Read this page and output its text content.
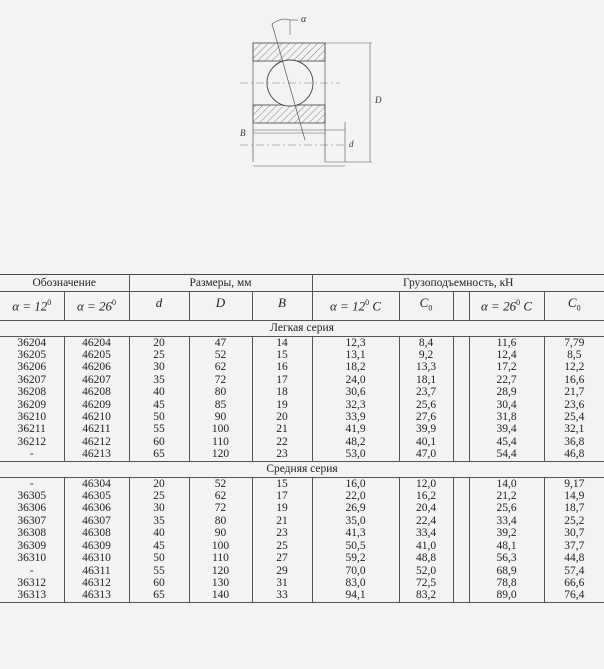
α
D
d
B
Обозначение		Размеры, мм			Грузоподъемность, кН				
$\alpha = 12^0$	$\alpha = 26^0$	d	D	B	$\alpha = 12^0$ C	$C_0$		$\alpha = 26^0$ C	$C_0$
Легкая серия									
36204	46204	20	47	14	12,3	8,4		11,6	7,79
36205	46205	25	52	15	13,1	9,2		12,4	8,5
36206	46206	30	62	16	18,2	13,3		17,2	12,2
36207	46207	35	72	17	24,0	18,1		22,7	16,6
36208	46208	40	80	18	30,6	23,7		28,9	21,7
36209	46209	45	85	19	32,3	25,6		30,4	23,6
36210	46210	50	90	20	33,9	27,6		31,8	25,4
36211	46211	55	100	21	41,9	39,9		39,4	32,1
36212	46212	60	110	22	48,2	40,1		45,4	36,8
-	46213	65	120	23	53,0	47,0		54,4	46,8
Средняя серия									
-	46304	20	52	15	16,0	12,0		14,0	9,17
36305	46305	25	62	17	22,0	16,2		21,2	14,9
36306	46306	30	72	19	26,9	20,4		25,6	18,7
36307	46307	35	80	21	35,0	22,4		33,4	25,2
36308	46308	40	90	23	41,3	33,4		39,2	30,7
36309	46309	45	100	25	50,5	41,0		48,1	37,7
36310	46310	50	110	27	59,2	48,8		56,3	44,8
-	46311	55	120	29	70,0	52,0		68,9	57,4
36312	46312	60	130	31	83,0	72,5		78,8	66,6
36313	46313	65	140	33	94,1	83,2		89,0	76,4
